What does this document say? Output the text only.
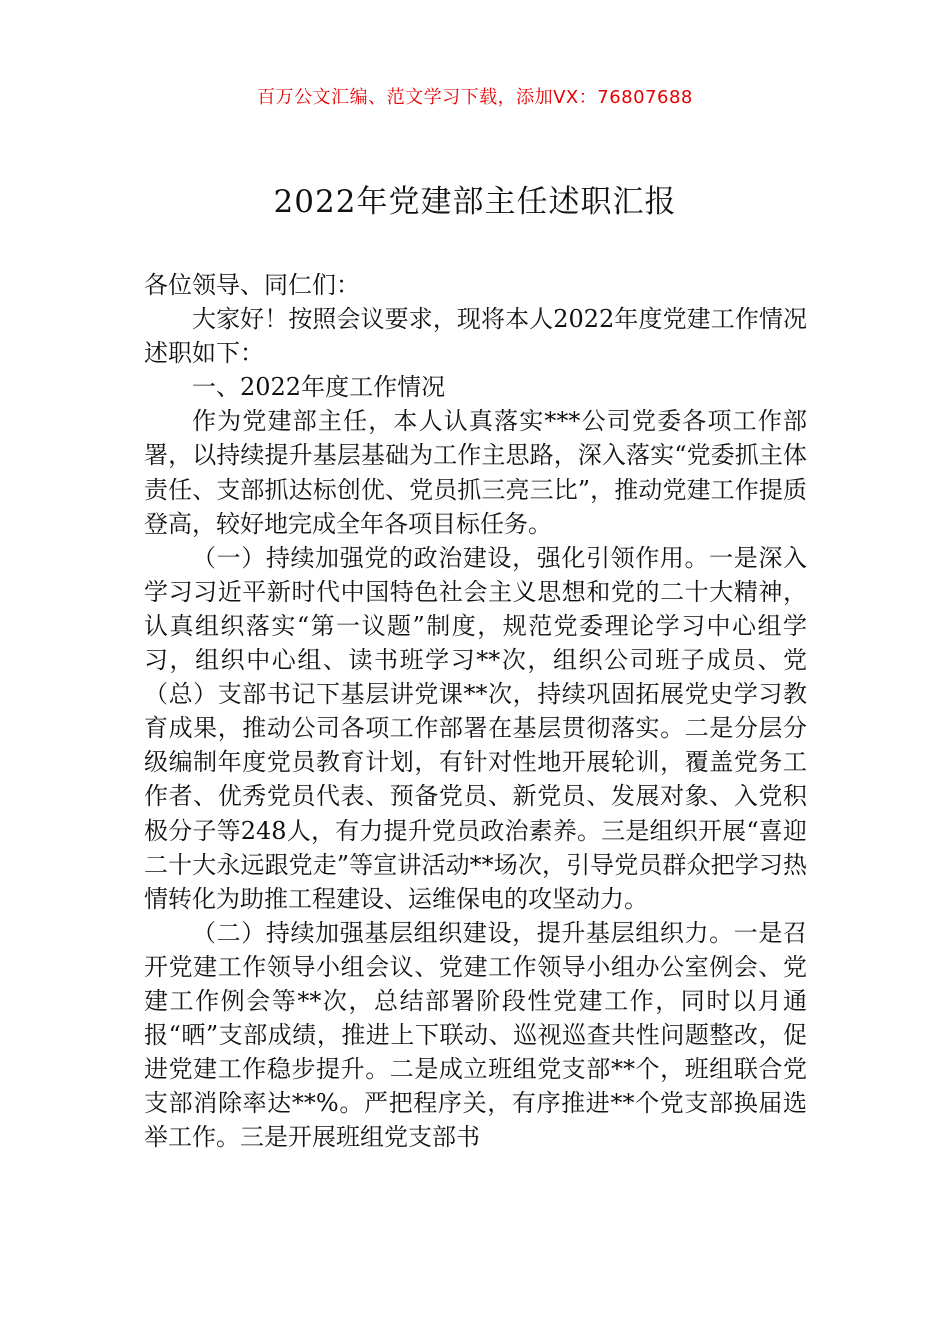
百万公文汇编、范文学习下载，添加VX：76807688
2022年党建部主任述职汇报

各位领导、同仁们：

大家好！按照会议要求，现将本人2022年度党建工作情况述职如下：

一、2022年度工作情况

作为党建部主任，本人认真落实***公司党委各项工作部署，以持续提升基层基础为工作主思路，深入落实“党委抓主体责任、支部抓达标创优、党员抓三亮三比”，推动党建工作提质登高，较好地完成全年各项目标任务。

（一）持续加强党的政治建设，强化引领作用。一是深入学习习近平新时代中国特色社会主义思想和党的二十大精神，认真组织落实“第一议题”制度，规范党委理论学习中心组学习，组织中心组、读书班学习**次，组织公司班子成员、党（总）支部书记下基层讲党课**次，持续巩固拓展党史学习教育成果，推动公司各项工作部署在基层贯彻落实。二是分层分级编制年度党员教育计划，有针对性地开展轮训，覆盖党务工作者、优秀党员代表、预备党员、新党员、发展对象、入党积极分子等248人，有力提升党员政治素养。三是组织开展“喜迎二十大永远跟党走”等宣讲活动**场次，引导党员群众把学习热情转化为助推工程建设、运维保电的攻坚动力。

（二）持续加强基层组织建设，提升基层组织力。一是召开党建工作领导小组会议、党建工作领导小组办公室例会、党建工作例会等**次，总结部署阶段性党建工作，同时以月通报“晒”支部成绩，推进上下联动、巡视巡查共性问题整改，促进党建工作稳步提升。二是成立班组党支部**个，班组联合党支部消除率达**%。严把程序关，有序推进**个党支部换届选举工作。三是开展班组党支部书
